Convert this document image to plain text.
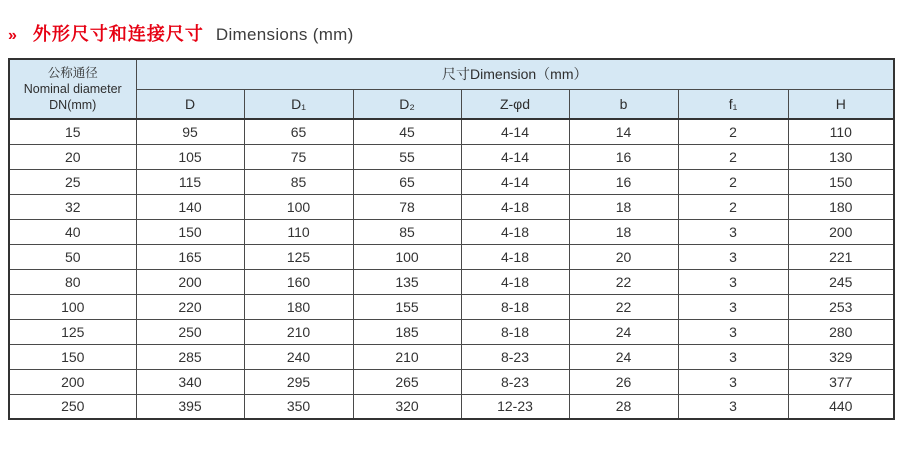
» 外形尺寸和连接尺寸 Dimensions (mm)
公称通径
Nominal diameter
DN(mm)	尺寸Dimension（mm）						
	D	D₁	D₂	Z-φd	b	f₁	H
15	95	65	45	4-14	14	2	110
20	105	75	55	4-14	16	2	130
25	115	85	65	4-14	16	2	150
32	140	100	78	4-18	18	2	180
40	150	110	85	4-18	18	3	200
50	165	125	100	4-18	20	3	221
80	200	160	135	4-18	22	3	245
100	220	180	155	8-18	22	3	253
125	250	210	185	8-18	24	3	280
150	285	240	210	8-23	24	3	329
200	340	295	265	8-23	26	3	377
250	395	350	320	12-23	28	3	440
